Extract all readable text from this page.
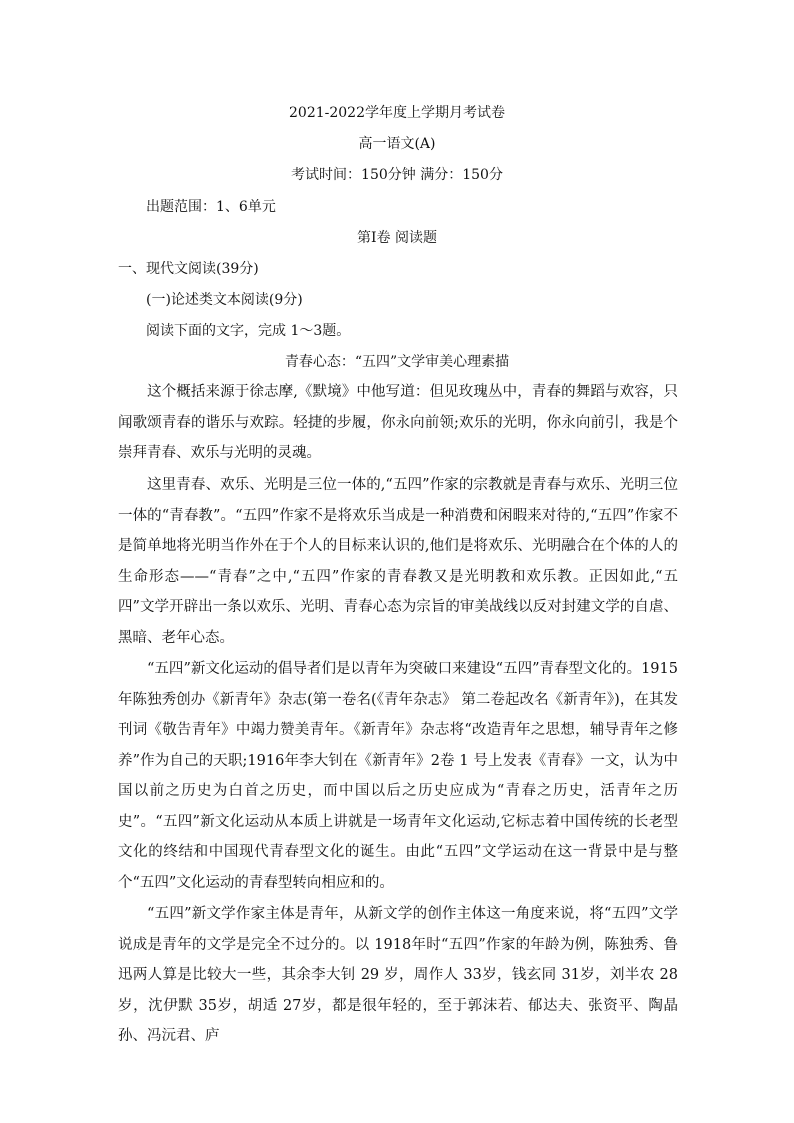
2021-2022学年度上学期月考试卷
高一语文(A)
考试时间：150分钟 满分：150分
出题范围：1、6单元
第Ⅰ卷 阅读题
一、现代文阅读(39分)
(一)论述类文本阅读(9分)
阅读下面的文字，完成 1～3题。
青春心态：“五四”文学审美心理素描

这个概括来源于徐志摩,《默境》中他写道：但见玫瑰丛中，青春的舞蹈与欢容，只闻歌颂青春的谐乐与欢踪。轻捷的步履，你永向前领;欢乐的光明，你永向前引，我是个崇拜青春、欢乐与光明的灵魂。

这里青春、欢乐、光明是三位一体的,“五四”作家的宗教就是青春与欢乐、光明三位一体的“青春教”。“五四”作家不是将欢乐当成是一种消费和闲暇来对待的,“五四”作家不是简单地将光明当作外在于个人的目标来认识的,他们是将欢乐、光明融合在个体的人的生命形态——“青春”之中,“五四”作家的青春教又是光明教和欢乐教。正因如此,“五四”文学开辟出一条以欢乐、光明、青春心态为宗旨的审美战线以反对封建文学的自虐、黑暗、老年心态。

“五四”新文化运动的倡导者们是以青年为突破口来建设“五四”青春型文化的。1915年陈独秀创办《新青年》杂志(第一卷名(《青年杂志》 第二卷起改名《新青年》)，在其发刊词《敬告青年》中竭力赞美青年。《新青年》杂志将“改造青年之思想，辅导青年之修养”作为自己的天职;1916年李大钊在《新青年》2卷 1 号上发表《青春》一文，认为中国以前之历史为白首之历史，而中国以后之历史应成为“青春之历史，活青年之历史”。“五四”新文化运动从本质上讲就是一场青年文化运动,它标志着中国传统的长老型文化的终结和中国现代青春型文化的诞生。由此“五四”文学运动在这一背景中是与整个“五四”文化运动的青春型转向相应和的。

“五四”新文学作家主体是青年，从新文学的创作主体这一角度来说，将“五四”文学说成是青年的文学是完全不过分的。以 1918年时“五四”作家的年龄为例，陈独秀、鲁迅两人算是比较大一些，其余李大钊 29 岁，周作人 33岁，钱玄同 31岁，刘半农 28岁，沈伊默 35岁，胡适 27岁，都是很年轻的，至于郭沫若、郁达夫、张资平、陶晶孙、冯沅君、庐
